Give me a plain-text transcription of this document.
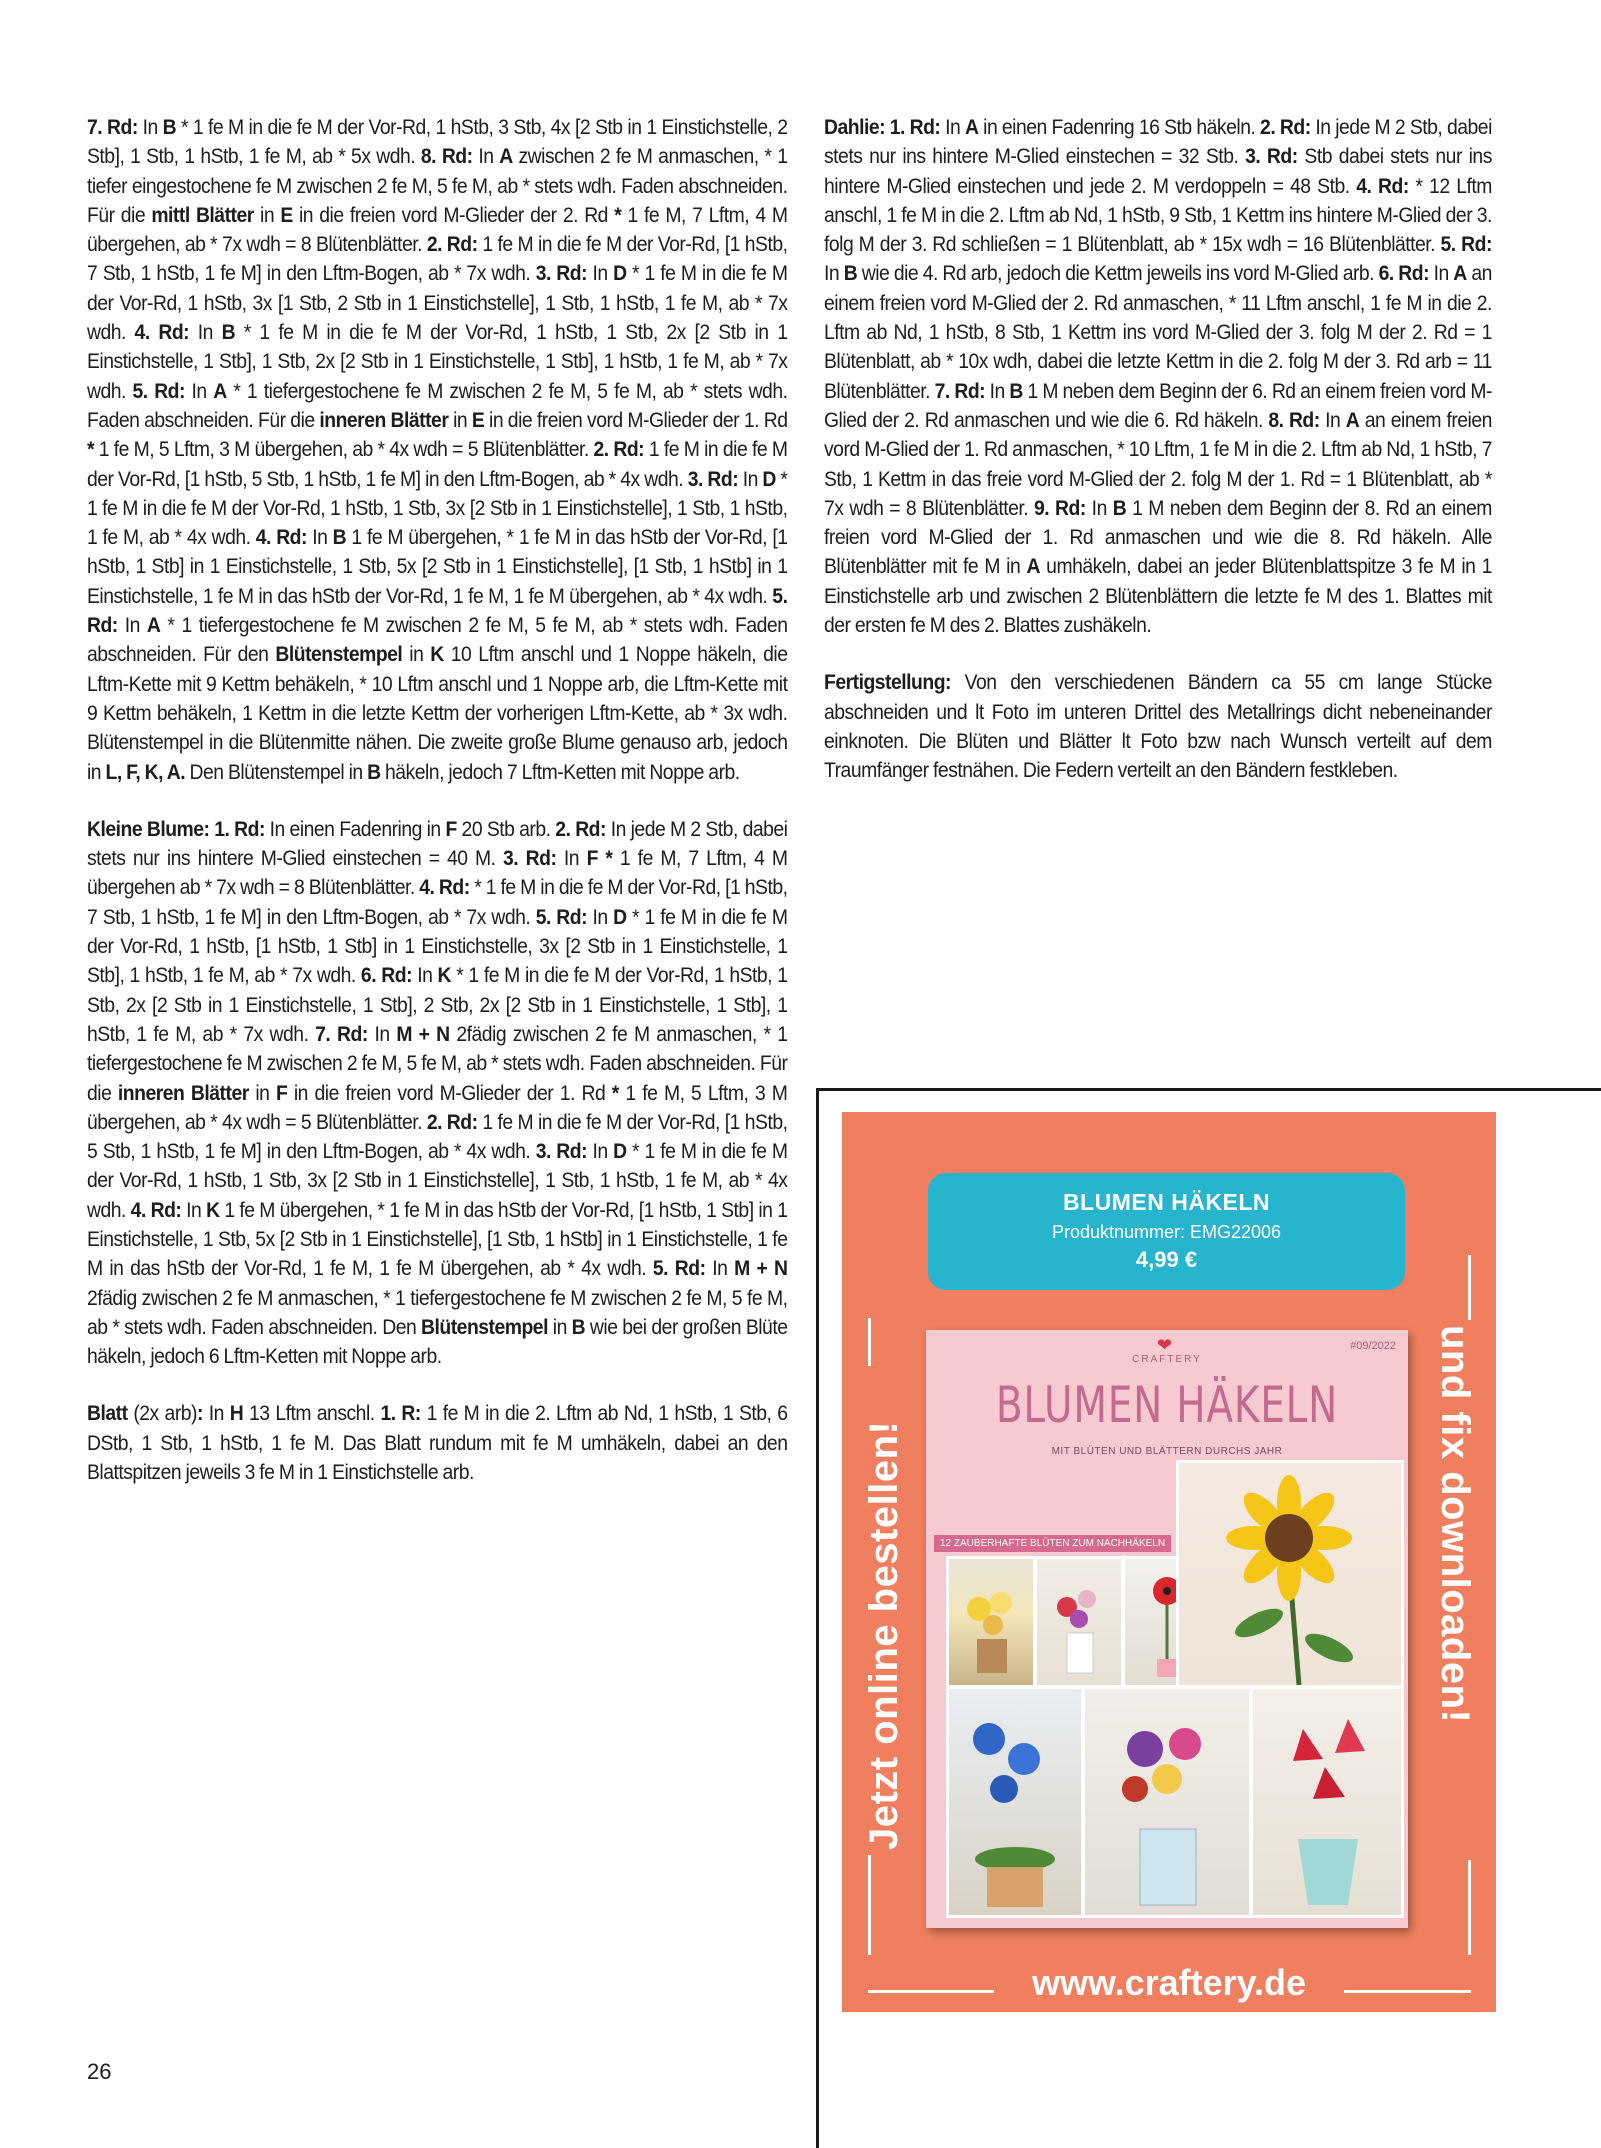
7. Rd: In B * 1 fe M in die fe M der Vor-Rd, 1 hStb, 3 Stb, 4x [2 Stb in 1 Einstichstelle, 2 Stb], 1 Stb, 1 hStb, 1 fe M, ab * 5x wdh. 8. Rd: In A zwischen 2 fe M anmaschen, * 1 tiefer eingestochene fe M zwischen 2 fe M, 5 fe M, ab * stets wdh. Faden abschneiden. Für die mittl Blätter in E in die freien vord M-Glieder der 2. Rd * 1 fe M, 7 Lftm, 4 M übergehen, ab * 7x wdh = 8 Blütenblätter. 2. Rd: 1 fe M in die fe M der Vor-Rd, [1 hStb, 7 Stb, 1 hStb, 1 fe M] in den Lftm-Bogen, ab * 7x wdh. 3. Rd: In D * 1 fe M in die fe M der Vor-Rd, 1 hStb, 3x [1 Stb, 2 Stb in 1 Einstichstelle], 1 Stb, 1 hStb, 1 fe M, ab * 7x wdh. 4. Rd: In B * 1 fe M in die fe M der Vor-Rd, 1 hStb, 1 Stb, 2x [2 Stb in 1 Einstichstelle, 1 Stb], 1 Stb, 2x [2 Stb in 1 Einstichstelle, 1 Stb], 1 hStb, 1 fe M, ab * 7x wdh. 5. Rd: In A * 1 tiefergestochene fe M zwischen 2 fe M, 5 fe M, ab * stets wdh. Faden abschneiden. Für die inneren Blätter in E in die freien vord M-Glieder der 1. Rd * 1 fe M, 5 Lftm, 3 M übergehen, ab * 4x wdh = 5 Blütenblätter. 2. Rd: 1 fe M in die fe M der Vor-Rd, [1 hStb, 5 Stb, 1 hStb, 1 fe M] in den Lftm-Bogen, ab * 4x wdh. 3. Rd: In D * 1 fe M in die fe M der Vor-Rd, 1 hStb, 1 Stb, 3x [2 Stb in 1 Einstichstelle], 1 Stb, 1 hStb, 1 fe M, ab * 4x wdh. 4. Rd: In B 1 fe M übergehen, * 1 fe M in das hStb der Vor-Rd, [1 hStb, 1 Stb] in 1 Einstichstelle, 1 Stb, 5x [2 Stb in 1 Einstichstelle], [1 Stb, 1 hStb] in 1 Einstichstelle, 1 fe M in das hStb der Vor-Rd, 1 fe M, 1 fe M übergehen, ab * 4x wdh. 5. Rd: In A * 1 tiefergestochene fe M zwischen 2 fe M, 5 fe M, ab * stets wdh. Faden abschneiden. Für den Blütenstempel in K 10 Lftm anschl und 1 Noppe häkeln, die Lftm-Kette mit 9 Kettm behäkeln, * 10 Lftm anschl und 1 Noppe arb, die Lftm-Kette mit 9 Kettm behäkeln, 1 Kettm in die letzte Kettm der vorherigen Lftm-Kette, ab * 3x wdh. Blütenstempel in die Blütenmitte nähen. Die zweite große Blume genauso arb, jedoch in L, F, K, A. Den Blütenstempel in B häkeln, jedoch 7 Lftm-Ketten mit Noppe arb.

Kleine Blume: 1. Rd: In einen Fadenring in F 20 Stb arb. 2. Rd: In jede M 2 Stb, dabei stets nur ins hintere M-Glied einstechen = 40 M. 3. Rd: In F * 1 fe M, 7 Lftm, 4 M übergehen ab * 7x wdh = 8 Blütenblätter. 4. Rd: * 1 fe M in die fe M der Vor-Rd, [1 hStb, 7 Stb, 1 hStb, 1 fe M] in den Lftm-Bogen, ab * 7x wdh. 5. Rd: In D * 1 fe M in die fe M der Vor-Rd, 1 hStb, [1 hStb, 1 Stb] in 1 Einstichstelle, 3x [2 Stb in 1 Einstichstelle, 1 Stb], 1 hStb, 1 fe M, ab * 7x wdh. 6. Rd: In K * 1 fe M in die fe M der Vor-Rd, 1 hStb, 1 Stb, 2x [2 Stb in 1 Einstichstelle, 1 Stb], 2 Stb, 2x [2 Stb in 1 Einstichstelle, 1 Stb], 1 hStb, 1 fe M, ab * 7x wdh. 7. Rd: In M + N 2fädig zwischen 2 fe M anmaschen, * 1 tiefergestochene fe M zwischen 2 fe M, 5 fe M, ab * stets wdh. Faden abschneiden. Für die inneren Blätter in F in die freien vord M-Glieder der 1. Rd * 1 fe M, 5 Lftm, 3 M übergehen, ab * 4x wdh = 5 Blütenblätter. 2. Rd: 1 fe M in die fe M der Vor-Rd, [1 hStb, 5 Stb, 1 hStb, 1 fe M] in den Lftm-Bogen, ab * 4x wdh. 3. Rd: In D * 1 fe M in die fe M der Vor-Rd, 1 hStb, 1 Stb, 3x [2 Stb in 1 Einstichstelle], 1 Stb, 1 hStb, 1 fe M, ab * 4x wdh. 4. Rd: In K 1 fe M übergehen, * 1 fe M in das hStb der Vor-Rd, [1 hStb, 1 Stb] in 1 Einstichstelle, 1 Stb, 5x [2 Stb in 1 Einstichstelle], [1 Stb, 1 hStb] in 1 Einstichstelle, 1 fe M in das hStb der Vor-Rd, 1 fe M, 1 fe M übergehen, ab * 4x wdh. 5. Rd: In M + N 2fädig zwischen 2 fe M anmaschen, * 1 tiefergestochene fe M zwischen 2 fe M, 5 fe M, ab * stets wdh. Faden abschneiden. Den Blütenstempel in B wie bei der großen Blüte häkeln, jedoch 6 Lftm-Ketten mit Noppe arb.

Blatt (2x arb): In H 13 Lftm anschl. 1. R: 1 fe M in die 2. Lftm ab Nd, 1 hStb, 1 Stb, 6 DStb, 1 Stb, 1 hStb, 1 fe M. Das Blatt rundum mit fe M umhäkeln, dabei an den Blattspitzen jeweils 3 fe M in 1 Einstichstelle arb.

Dahlie: 1. Rd: In A in einen Fadenring 16 Stb häkeln. 2. Rd: In jede M 2 Stb, dabei stets nur ins hintere M-Glied einstechen = 32 Stb. 3. Rd: Stb dabei stets nur ins hintere M-Glied einstechen und jede 2. M verdoppeln = 48 Stb. 4. Rd: * 12 Lftm anschl, 1 fe M in die 2. Lftm ab Nd, 1 hStb, 9 Stb, 1 Kettm ins hintere M-Glied der 3. folg M der 3. Rd schließen = 1 Blütenblatt, ab * 15x wdh = 16 Blütenblätter. 5. Rd: In B wie die 4. Rd arb, jedoch die Kettm jeweils ins vord M-Glied arb. 6. Rd: In A an einem freien vord M-Glied der 2. Rd anmaschen, * 11 Lftm anschl, 1 fe M in die 2. Lftm ab Nd, 1 hStb, 8 Stb, 1 Kettm ins vord M-Glied der 3. folg M der 2. Rd = 1 Blütenblatt, ab * 10x wdh, dabei die letzte Kettm in die 2. folg M der 3. Rd arb = 11 Blütenblätter. 7. Rd: In B 1 M neben dem Beginn der 6. Rd an einem freien vord M-Glied der 2. Rd anmaschen und wie die 6. Rd häkeln. 8. Rd: In A an einem freien vord M-Glied der 1. Rd anmaschen, * 10 Lftm, 1 fe M in die 2. Lftm ab Nd, 1 hStb, 7 Stb, 1 Kettm in das freie vord M-Glied der 2. folg M der 1. Rd = 1 Blütenblatt, ab * 7x wdh = 8 Blütenblätter. 9. Rd: In B 1 M neben dem Beginn der 8. Rd an einem freien vord M-Glied der 1. Rd anmaschen und wie die 8. Rd häkeln. Alle Blütenblätter mit fe M in A umhäkeln, dabei an jeder Blütenblattspitze 3 fe M in 1 Einstichstelle arb und zwischen 2 Blütenblättern die letzte fe M des 1. Blattes mit der ersten fe M des 2. Blattes zushäkeln.

Fertigstellung: Von den verschiedenen Bändern ca 55 cm lange Stücke abschneiden und lt Foto im unteren Drittel des Metallrings dicht nebeneinander einknoten. Die Blüten und Blätter lt Foto bzw nach Wunsch verteilt auf dem Traumfänger festnähen. Die Federn verteilt an den Bändern festkleben.

26
BLUMEN HÄKELN
Produktnummer: EMG22006
4,99 €
Jetzt online bestellen!	und fix downloaden!
www.craftery.de
❤
CRAFTERY
#09/2022
BLUMEN HÄKELN
MIT BLÜTEN UND BLÄTTERN DURCHS JAHR
12 ZAUBERHAFTE BLÜTEN ZUM NACHHÄKELN
